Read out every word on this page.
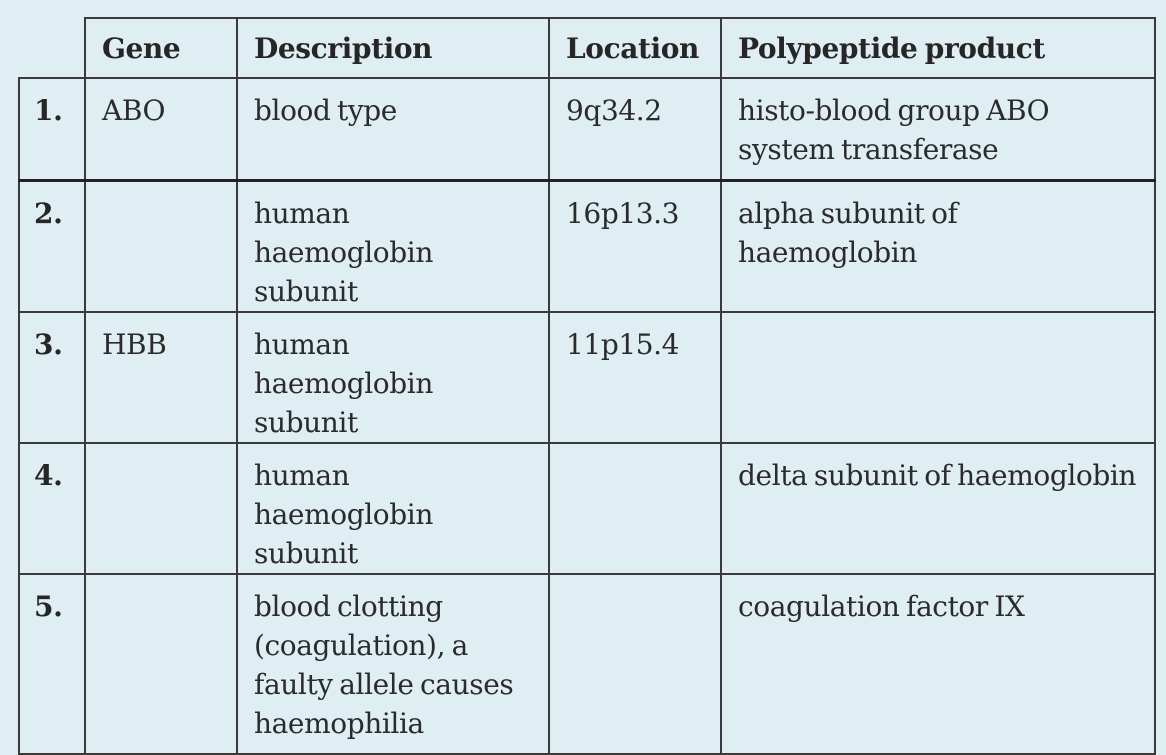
	Gene	Description	Location	Polypeptide product
1.	ABO	blood type	9q34.2	histo-blood group ABO system transferase
2.		human haemoglobin subunit	16p13.3	alpha subunit of haemoglobin
3.	HBB	human haemoglobin subunit	11p15.4	
4.		human haemoglobin subunit		delta subunit of haemoglobin
5.		blood clotting (coagulation), a faulty allele causes haemophilia		coagulation factor IX
